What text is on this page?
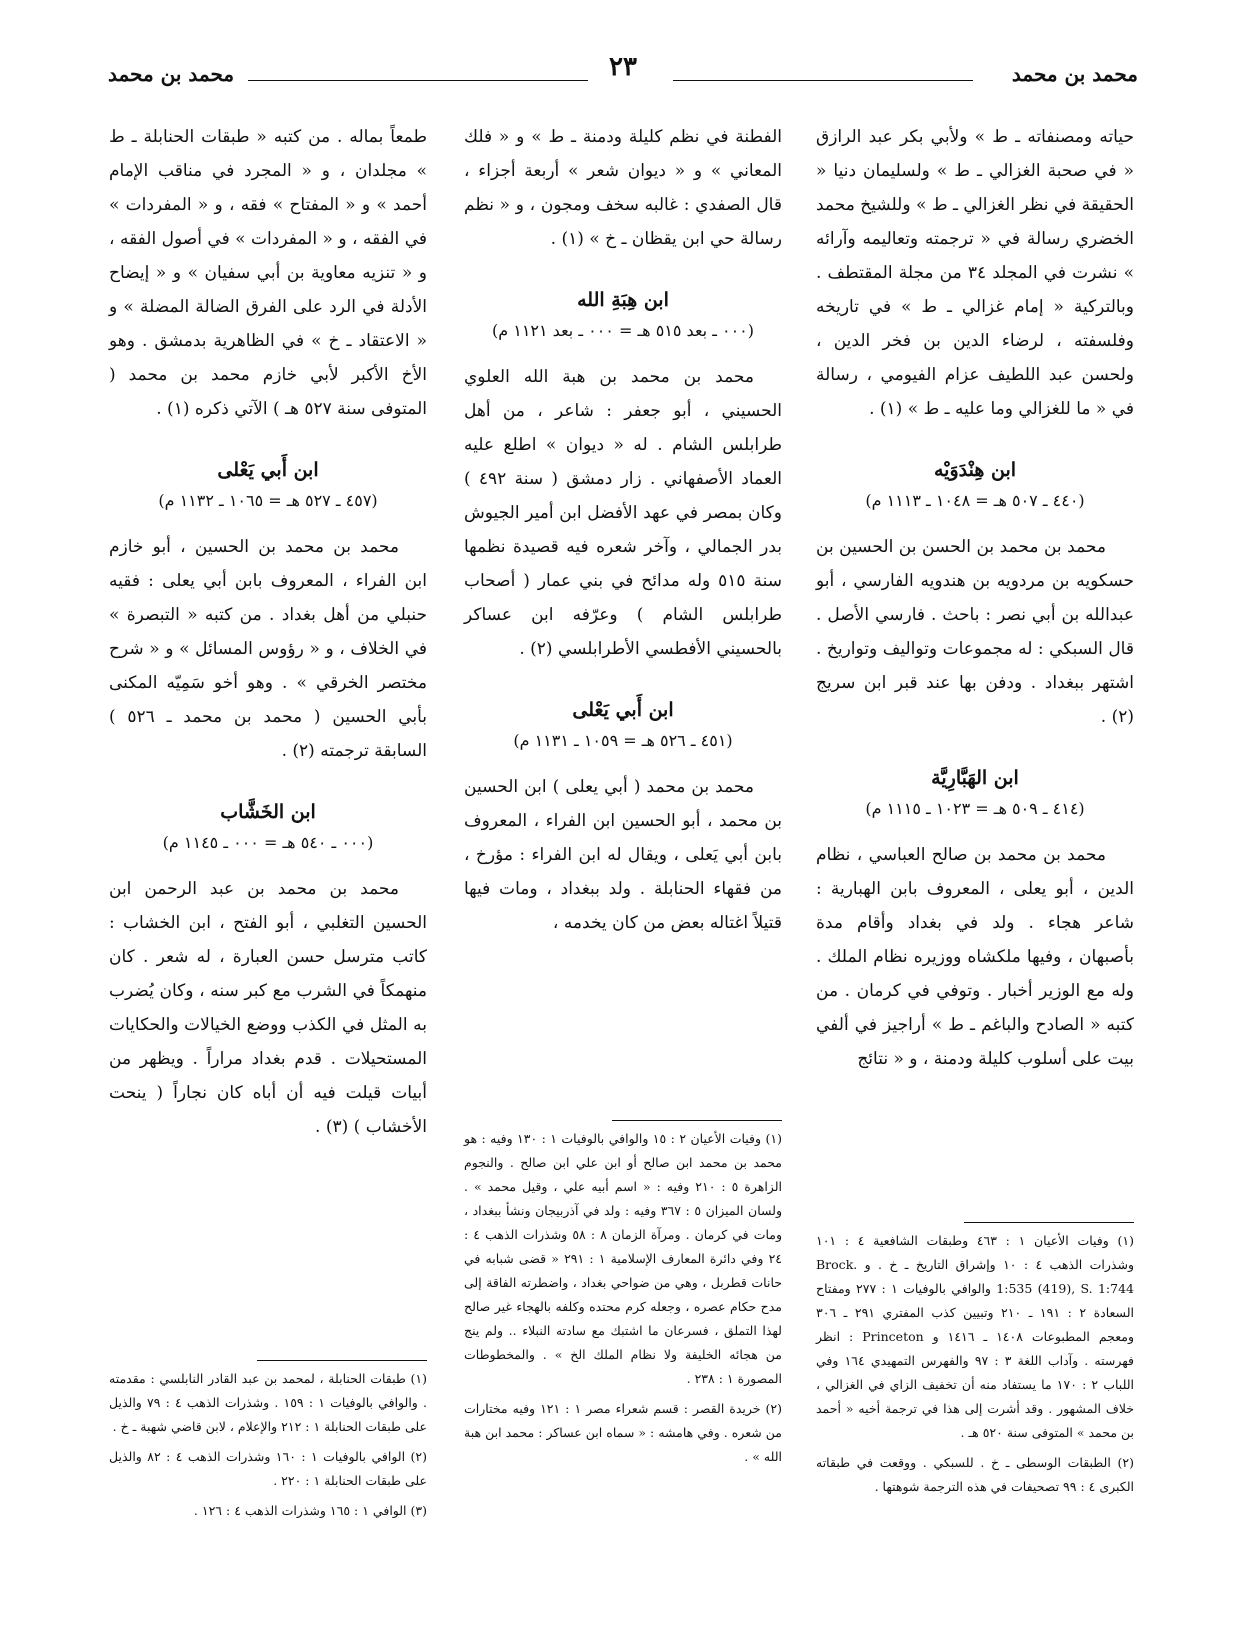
محمد بن محمد
٢٣
محمد بن محمد

حياته ومصنفاته ـ ط » ولأبي بكر عبد الرازق « في صحبة الغزالي ـ ط » ولسليمان دنيا « الحقيقة في نظر الغزالي ـ ط » وللشيخ محمد الخضري رسالة في « ترجمته وتعاليمه وآرائه » نشرت في المجلد ٣٤ من مجلة المقتطف . وبالتركية « إمام غزالي ـ ط » في تاريخه وفلسفته ، لرضاء الدين بن فخر الدين ، ولحسن عبد اللطيف عزام الفيومي ، رسالة في « ما للغزالي وما عليه ـ ط » (١) .

ابن هِنْدَوَيْه
(٤٤٠ ـ ٥٠٧ هـ = ١٠٤٨ ـ ١١١٣ م)

محمد بن محمد بن الحسن بن الحسين بن حسكويه بن مردويه بن هندويه الفارسي ، أبو عبدالله بن أبي نصر : باحث . فارسي الأصل . قال السبكي : له مجموعات وتواليف وتواريخ . اشتهر ببغداد . ودفن بها عند قبر ابن سريج (٢) .

ابن الهَبَّارِيَّة
(٤١٤ ـ ٥٠٩ هـ = ١٠٢٣ ـ ١١١٥ م)

محمد بن محمد بن صالح العباسي ، نظام الدين ، أبو يعلى ، المعروف بابن الهبارية : شاعر هجاء . ولد في بغداد وأقام مدة بأصبهان ، وفيها ملكشاه ووزيره نظام الملك . وله مع الوزير أخبار . وتوفي في كرمان . من كتبه « الصادح والباغم ـ ط » أراجيز في ألفي بيت على أسلوب كليلة ودمنة ، و « نتائج

(١) وفيات الأعيان ١ : ٤٦٣ وطبقات الشافعية ٤ : ١٠١ وشذرات الذهب ٤ : ١٠ وإشراق التاريخ ـ خ . و Brock. 1:535 (419), S. 1:744 والوافي بالوفيات ١ : ٢٧٧ ومفتاح السعادة ٢ : ١٩١ ـ ٢١٠ وتبيين كذب المفتري ٢٩١ ـ ٣٠٦ ومعجم المطبوعات ١٤٠٨ ـ ١٤١٦ و Princeton : انظر فهرسته . وآداب اللغة ٣ : ٩٧ والفهرس التمهيدي ١٦٤ وفي اللباب ٢ : ١٧٠ ما يستفاد منه أن تخفيف الزاي في الغزالي ، خلاف المشهور . وقد أشرت إلى هذا في ترجمة أخيه « أحمد بن محمد » المتوفى سنة ٥٢٠ هـ .

(٢) الطبقات الوسطى ـ خ . للسبكي . ووقعت في طبقاته الكبرى ٤ : ٩٩ تصحيفات في هذه الترجمة شوهتها .

الفطنة في نظم كليلة ودمنة ـ ط » و « فلك المعاني » و « ديوان شعر » أربعة أجزاء ، قال الصفدي : غالبه سخف ومجون ، و « نظم رسالة حي ابن يقظان ـ خ » (١) .

ابن هِبَةِ الله
(٠٠٠ ـ بعد ٥١٥ هـ = ٠٠٠ ـ بعد ١١٢١ م)

محمد بن محمد بن هبة الله العلوي الحسيني ، أبو جعفر : شاعر ، من أهل طرابلس الشام . له « ديوان » اطلع عليه العماد الأصفهاني . زار دمشق ( سنة ٤٩٢ ) وكان بمصر في عهد الأفضل ابن أمير الجيوش بدر الجمالي ، وآخر شعره فيه قصيدة نظمها سنة ٥١٥ وله مدائح في بني عمار ( أصحاب طرابلس الشام ) وعرّفه ابن عساكر بالحسيني الأفطسي الأطرابلسي (٢) .

ابن أَبي يَعْلى
(٤٥١ ـ ٥٢٦ هـ = ١٠٥٩ ـ ١١٣١ م)

محمد بن محمد ( أبي يعلى ) ابن الحسين بن محمد ، أبو الحسين ابن الفراء ، المعروف بابن أبي يَعلى ، ويقال له ابن الفراء : مؤرخ ، من فقهاء الحنابلة . ولد ببغداد ، ومات فيها قتيلاً اغتاله بعض من كان يخدمه ،

(١) وفيات الأعيان ٢ : ١٥ والوافي بالوفيات ١ : ١٣٠ وفيه : هو محمد بن محمد ابن صالح أو ابن علي ابن صالح . والنجوم الزاهرة ٥ : ٢١٠ وفيه : « اسم أبيه علي ، وقيل محمد » . ولسان الميزان ٥ : ٣٦٧ وفيه : ولد في آذربيجان ونشأ ببغداد ، ومات في كرمان . ومرآة الزمان ٨ : ٥٨ وشذرات الذهب ٤ : ٢٤ وفي دائرة المعارف الإسلامية ١ : ٢٩١ « قضى شبابه في حانات قطربل ، وهي من ضواحي بغداد ، واضطرته الفاقة إلى مدح حكام عصره ، وجعله كرم محتده وكلفه بالهجاء غير صالح لهذا التملق ، فسرعان ما اشتبك مع سادته النبلاء .. ولم ينج من هجائه الخليفة ولا نظام الملك الخ » . والمخطوطات المصورة ١ : ٢٣٨ .

(٢) خريدة القصر : قسم شعراء مصر ١ : ١٢١ وفيه مختارات من شعره . وفي هامشه : « سماه ابن عساكر : محمد ابن هبة الله » .

طمعاً بماله . من كتبه « طبقات الحنابلة ـ ط » مجلدان ، و « المجرد في مناقب الإمام أحمد » و « المفتاح » فقه ، و « المفردات » في الفقه ، و « المفردات » في أصول الفقه ، و « تنزيه معاوية بن أبي سفيان » و « إيضاح الأدلة في الرد على الفرق الضالة المضلة » و « الاعتقاد ـ خ » في الظاهرية بدمشق . وهو الأخ الأكبر لأبي خازم محمد بن محمد ( المتوفى سنة ٥٢٧ هـ ) الآتي ذكره (١) .

ابن أَبي يَعْلى
(٤٥٧ ـ ٥٢٧ هـ = ١٠٦٥ ـ ١١٣٢ م)

محمد بن محمد بن الحسين ، أبو خازم ابن الفراء ، المعروف بابن أبي يعلى : فقيه حنبلي من أهل بغداد . من كتبه « التبصرة » في الخلاف ، و « رؤوس المسائل » و « شرح مختصر الخرقي » . وهو أخو سَمِيّه المكنى بأبي الحسين ( محمد بن محمد ـ ٥٢٦ ) السابقة ترجمته (٢) .

ابن الخَشَّاب
(٠٠٠ ـ ٥٤٠ هـ = ٠٠٠ ـ ١١٤٥ م)

محمد بن محمد بن عبد الرحمن ابن الحسين التغلبي ، أبو الفتح ، ابن الخشاب : كاتب مترسل حسن العبارة ، له شعر . كان منهمكاً في الشرب مع كبر سنه ، وكان يُضرب به المثل في الكذب ووضع الخيالات والحكايات المستحيلات . قدم بغداد مراراً . ويظهر من أبيات قيلت فيه أن أباه كان نجاراً ( ينحت الأخشاب ) (٣) .

(١) طبقات الحنابلة ، لمحمد بن عبد القادر النابلسي : مقدمته . والوافي بالوفيات ١ : ١٥٩ . وشذرات الذهب ٤ : ٧٩ والذيل على طبقات الحنابلة ١ : ٢١٢ والإعلام ، لابن قاضي شهبة ـ خ .

(٢) الوافي بالوفيات ١ : ١٦٠ وشذرات الذهب ٤ : ٨٢ والذيل على طبقات الحنابلة ١ : ٢٢٠ .

(٣) الوافي ١ : ١٦٥ وشذرات الذهب ٤ : ١٢٦ .
